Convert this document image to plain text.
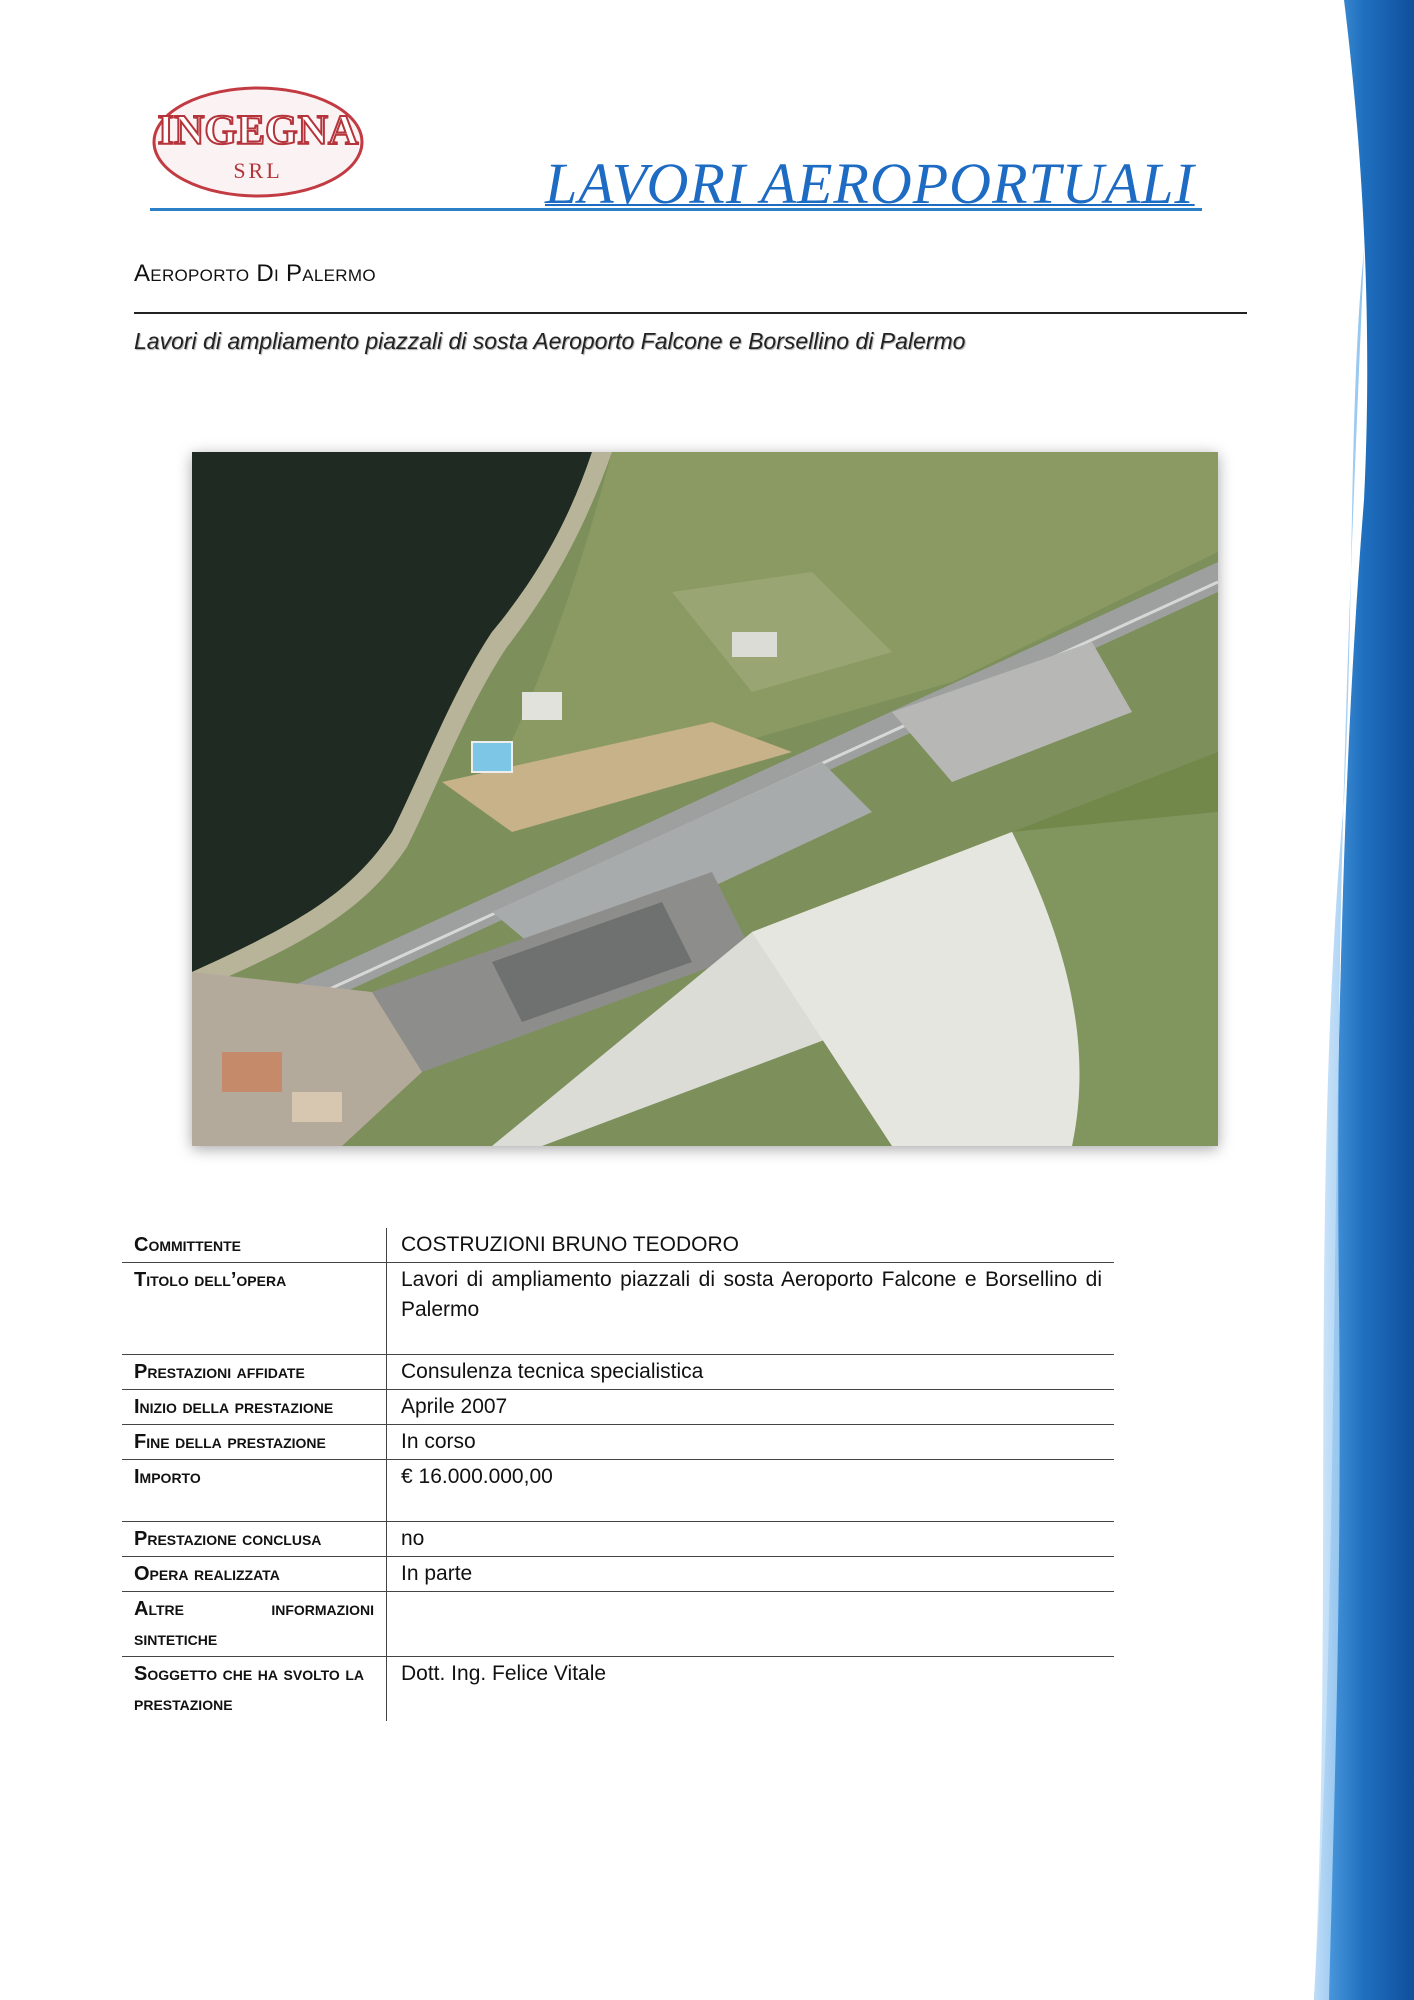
INGEGNA
SRL	LAVORI AEROPORTUALI
Aeroporto Di Palermo
Lavori di ampliamento piazzali di sosta Aeroporto Falcone e Borsellino di Palermo
Committente	COSTRUZIONI BRUNO TEODORO
Titolo dell’opera	Lavori di ampliamento piazzali di sosta Aeroporto Falcone e Borsellino di Palermo
Prestazioni affidate	Consulenza tecnica specialistica
Inizio della prestazione	Aprile 2007
Fine della prestazione	In corso
Importo	€ 16.000.000,00
Prestazione conclusa	no
Opera realizzata	In parte
Altre informazioni sintetiche	
Soggetto che ha svolto la prestazione	Dott. Ing. Felice Vitale
